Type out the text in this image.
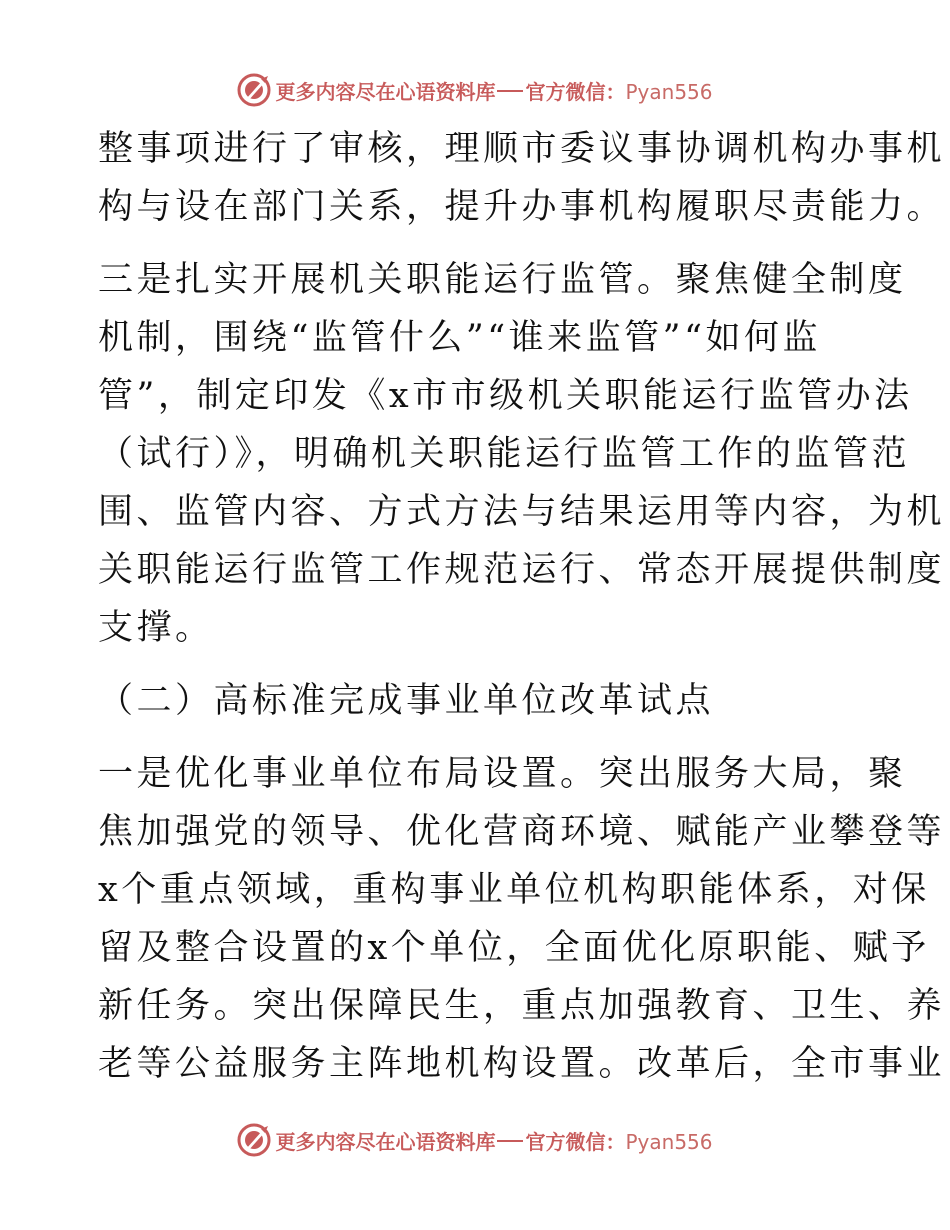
更多内容尽在心语资料库 官方微信：Pyan556
整事项进行了审核，理顺市委议事协调机构办事机
构与设在部门关系，提升办事机构履职尽责能力。
三是扎实开展机关职能运行监管。聚焦健全制度
机制，围绕“监管什么”“谁来监管”“如何监
管”，制定印发《x市市级机关职能运行监管办法
（试行）》，明确机关职能运行监管工作的监管范
围、监管内容、方式方法与结果运用等内容，为机
关职能运行监管工作规范运行、常态开展提供制度
支撑。
（二）高标准完成事业单位改革试点
一是优化事业单位布局设置。突出服务大局，聚
焦加强党的领导、优化营商环境、赋能产业攀登等
x个重点领域，重构事业单位机构职能体系，对保
留及整合设置的x个单位，全面优化原职能、赋予
新任务。突出保障民生，重点加强教育、卫生、养
老等公益服务主阵地机构设置。改革后，全市事业
更多内容尽在心语资料库 官方微信：Pyan556
